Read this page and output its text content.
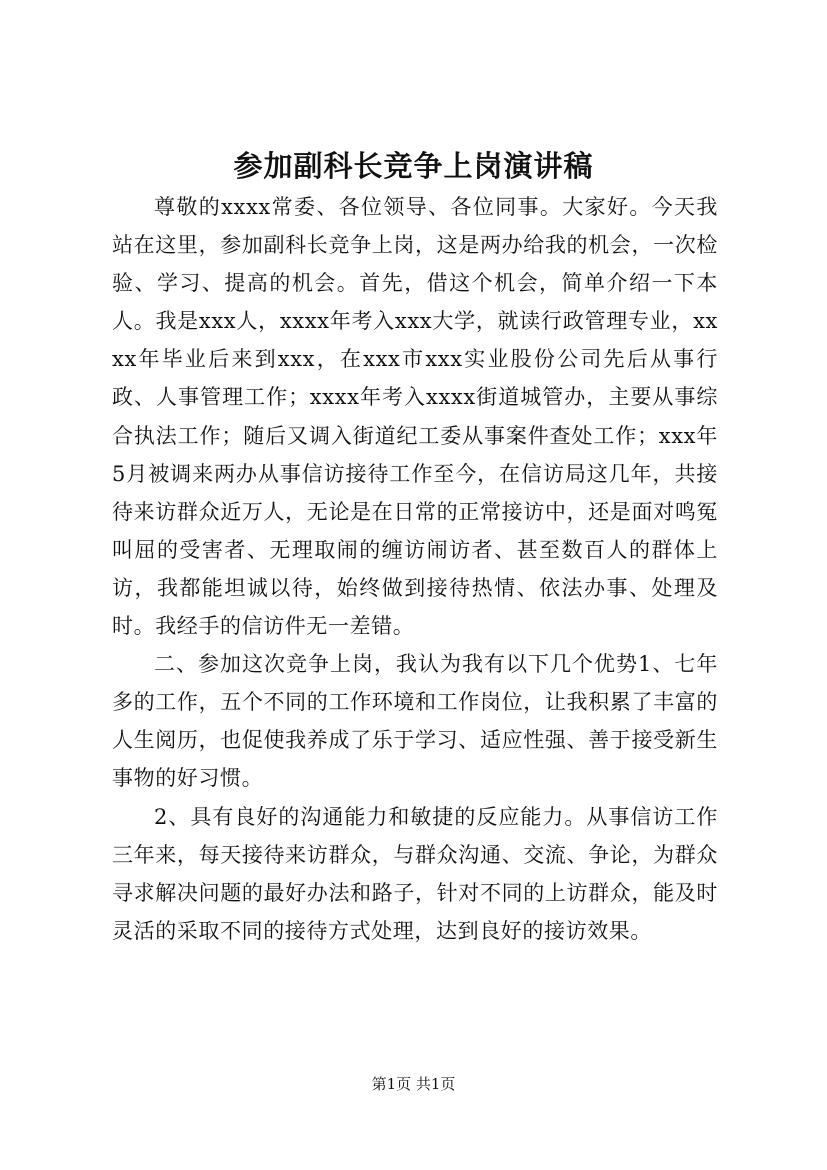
参加副科长竞争上岗演讲稿

尊敬的xxxx常委、各位领导、各位同事。大家好。今天我站在这里，参加副科长竞争上岗，这是两办给我的机会，一次检验、学习、提高的机会。首先，借这个机会，简单介绍一下本人。我是xxx人，xxxx年考入xxx大学，就读行政管理专业，xxxx年毕业后来到xxx，在xxx市xxx实业股份公司先后从事行政、人事管理工作；xxxx年考入xxxx街道城管办，主要从事综合执法工作；随后又调入街道纪工委从事案件查处工作；xxx年5月被调来两办从事信访接待工作至今，在信访局这几年，共接待来访群众近万人，无论是在日常的正常接访中，还是面对鸣冤叫屈的受害者、无理取闹的缠访闹访者、甚至数百人的群体上访，我都能坦诚以待，始终做到接待热情、依法办事、处理及时。我经手的信访件无一差错。

二、参加这次竞争上岗，我认为我有以下几个优势1、七年多的工作，五个不同的工作环境和工作岗位，让我积累了丰富的人生阅历，也促使我养成了乐于学习、适应性强、善于接受新生事物的好习惯。

2、具有良好的沟通能力和敏捷的反应能力。从事信访工作三年来，每天接待来访群众，与群众沟通、交流、争论，为群众寻求解决问题的最好办法和路子，针对不同的上访群众，能及时灵活的采取不同的接待方式处理，达到良好的接访效果。

第1页 共1页
